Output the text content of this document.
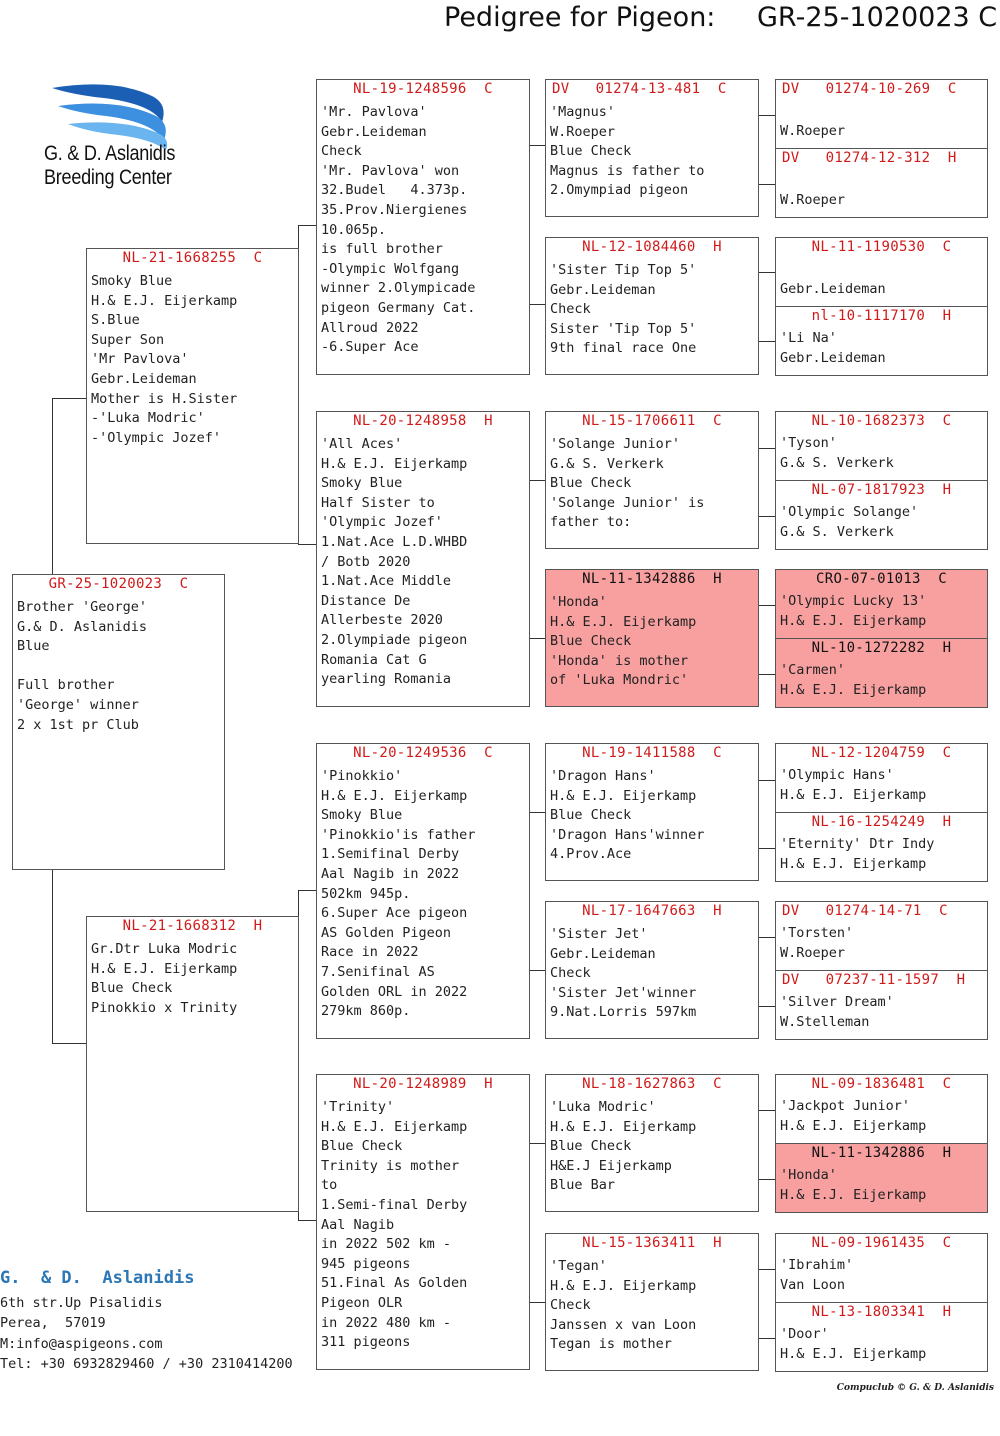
Pedigree for Pigeon: GR-25-1020023 C
G. & D. Aslanidis
Breeding Center
GR-25-1020023  C
Brother 'George'
G.& D. Aslanidis
Blue

Full brother
'George' winner
2 x 1st pr Club
NL-21-1668255  C
Smoky Blue
H.& E.J. Eijerkamp
S.Blue
Super Son
'Mr Pavlova'
Gebr.Leideman
Mother is H.Sister
-'Luka Modric'
-'Olympic Jozef'
NL-21-1668312  H
Gr.Dtr Luka Modric
H.& E.J. Eijerkamp
Blue Check
Pinokkio x Trinity
NL-19-1248596  C
'Mr. Pavlova'
Gebr.Leideman
Check
'Mr. Pavlova' won
32.Budel   4.373p.
35.Prov.Niergienes
10.065p.
is full brother
-Olympic Wolfgang
winner 2.Olympicade
pigeon Germany Cat.
Allroud 2022
-6.Super Ace
NL-20-1248958  H
'All Aces'
H.& E.J. Eijerkamp
Smoky Blue
Half Sister to
'Olympic Jozef'
1.Nat.Ace L.D.WHBD
/ Botb 2020
1.Nat.Ace Middle
Distance De
Allerbeste 2020
2.Olympiade pigeon
Romania Cat G
yearling Romania
NL-20-1249536  C
'Pinokkio'
H.& E.J. Eijerkamp
Smoky Blue
'Pinokkio'is father
1.Semifinal Derby
Aal Nagib in 2022
502km 945p.
6.Super Ace pigeon
AS Golden Pigeon
Race in 2022
7.Senifinal AS
Golden ORL in 2022
279km 860p.
NL-20-1248989  H
'Trinity'
H.& E.J. Eijerkamp
Blue Check
Trinity is mother
to
1.Semi-final Derby
Aal Nagib
in 2022 502 km -
945 pigeons
51.Final As Golden
Pigeon OLR
in 2022 480 km -
311 pigeons
DV   01274-13-481  C
'Magnus'
W.Roeper
Blue Check
Magnus is father to
2.Omympiad pigeon
NL-12-1084460  H
'Sister Tip Top 5'
Gebr.Leideman
Check
Sister 'Tip Top 5'
9th final race One
NL-15-1706611  C
'Solange Junior'
G.& S. Verkerk
Blue Check
'Solange Junior' is
father to:
NL-11-1342886  H
'Honda'
H.& E.J. Eijerkamp
Blue Check
'Honda' is mother
of 'Luka Mondric'
NL-19-1411588  C
'Dragon Hans'
H.& E.J. Eijerkamp
Blue Check
'Dragon Hans'winner
4.Prov.Ace
NL-17-1647663  H
'Sister Jet'
Gebr.Leideman
Check
'Sister Jet'winner
9.Nat.Lorris 597km
NL-18-1627863  C
'Luka Modric'
H.& E.J. Eijerkamp
Blue Check
H&E.J Eijerkamp
Blue Bar
NL-15-1363411  H
'Tegan'
H.& E.J. Eijerkamp
Check
Janssen x van Loon
Tegan is mother
DV   01274-10-269  C

W.Roeper
DV   01274-12-312  H

W.Roeper
NL-11-1190530  C

Gebr.Leideman
nl-10-1117170  H
'Li Na'
Gebr.Leideman
NL-10-1682373  C
'Tyson'
G.& S. Verkerk
NL-07-1817923  H
'Olympic Solange'
G.& S. Verkerk
CRO-07-01013  C
'Olympic Lucky 13'
H.& E.J. Eijerkamp
NL-10-1272282  H
'Carmen'
H.& E.J. Eijerkamp
NL-12-1204759  C
'Olympic Hans'
H.& E.J. Eijerkamp
NL-16-1254249  H
'Eternity' Dtr Indy
H.& E.J. Eijerkamp
DV   01274-14-71  C
'Torsten'
W.Roeper
DV   07237-11-1597  H
'Silver Dream'
W.Stelleman
NL-09-1836481  C
'Jackpot Junior'
H.& E.J. Eijerkamp
NL-11-1342886  H
'Honda'
H.& E.J. Eijerkamp
NL-09-1961435  C
'Ibrahim'
Van Loon
NL-13-1803341  H
'Door'
H.& E.J. Eijerkamp
G.  & D.  Aslanidis
6th str.Up Pisalidis
Perea,  57019
M:info@aspigeons.com
Tel: +30 6932829460 / +30 2310414200
Compuclub © G. & D. Aslanidis
